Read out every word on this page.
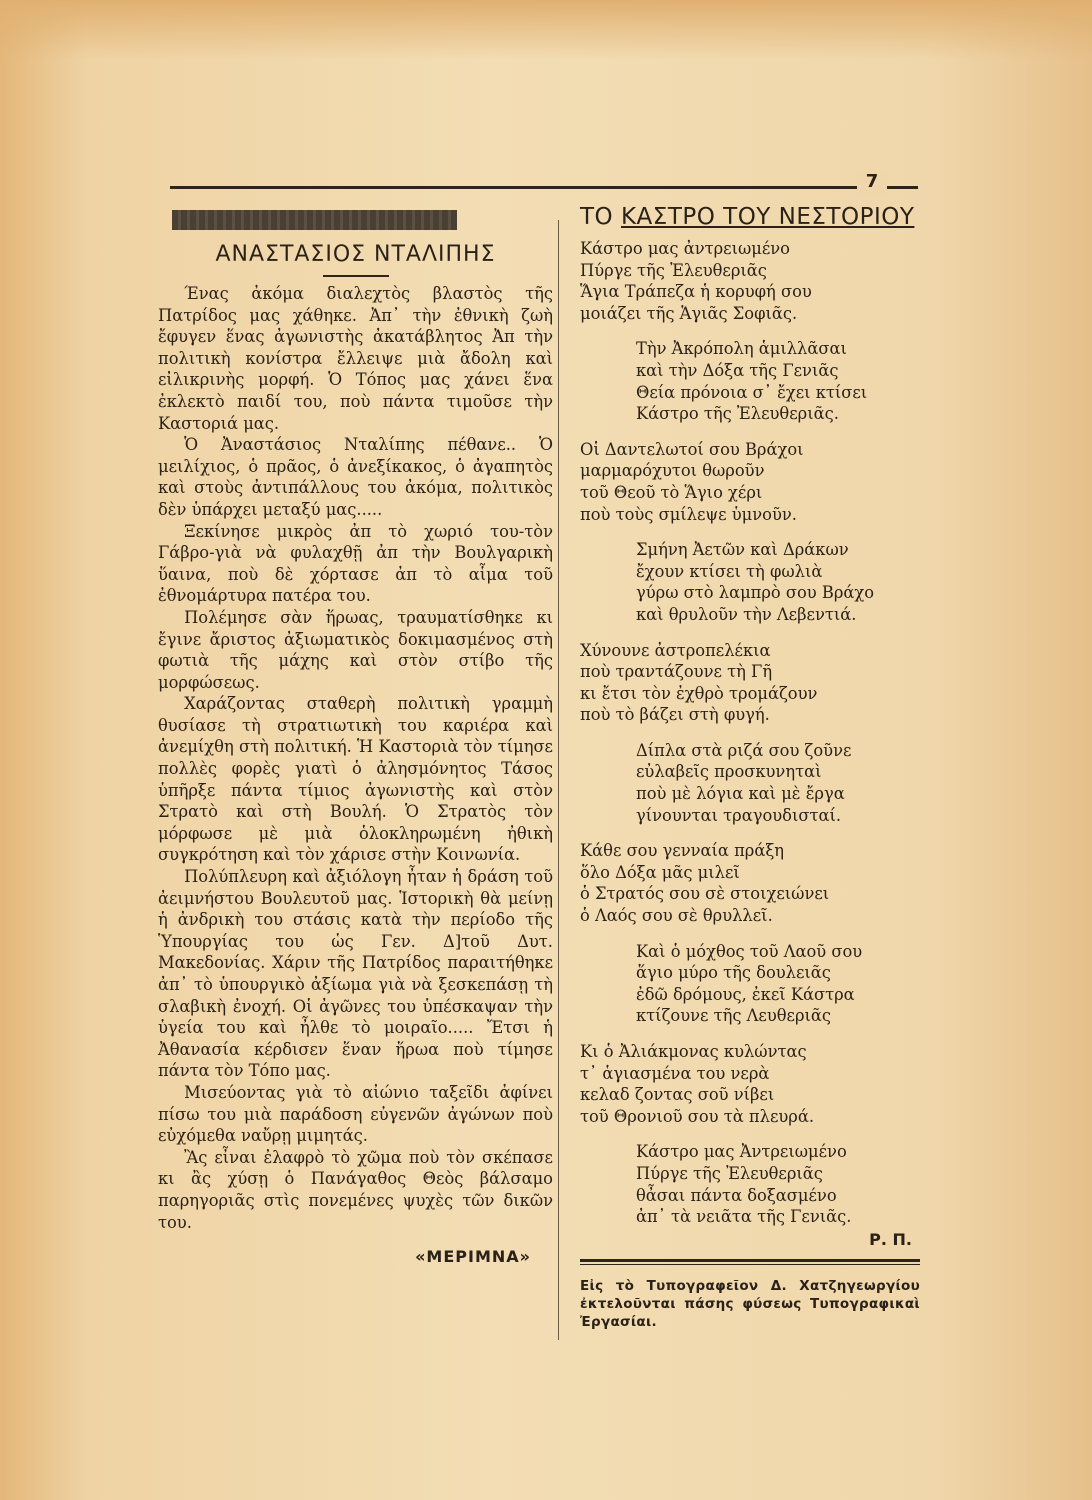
7
ΑΝΑΣΤΑΣΙΟΣ ΝΤΑΛΙΠΗΣ

Ένας ἀκόμα διαλεχτὸς βλαστὸς τῆς Πατρίδος μας χάθηκε. Ἀπ᾽ τὴν ἐθνικὴ ζωὴ ἔφυγεν ἕνας ἀγωνιστὴς ἀκατάβλητος Ἀπ τὴν πολιτικὴ κονίστρα ἔλλειψε μιὰ ἄδολη καὶ εἰλικρινὴς μορφή. Ὁ Τόπος μας χάνει ἕνα ἐκλεκτὸ παιδί του, ποὺ πάντα τιμοῦσε τὴν Καστοριά μας.

Ὁ Ἀναστάσιος Νταλίπης πέθανε.. Ὁ μειλίχιος, ὁ πρᾶος, ὁ ἀνεξίκακος, ὁ ἀγαπητὸς καὶ στοὺς ἀντιπάλλους του ἀκόμα, πολιτικὸς δὲν ὑπάρχει μεταξύ μας.....

Ξεκίνησε μικρὸς ἀπ τὸ χωριό του-τὸν Γάβρο-γιὰ νὰ φυλαχθῇ ἀπ τὴν Βουλγαρικὴ ὕαινα, ποὺ δὲ χόρτασε ἀπ τὸ αἷμα τοῦ ἐθνομάρτυρα πατέρα του.

Πολέμησε σὰν ἥρωας, τραυματίσθηκε κι ἔγινε ἄριστος ἀξιωματικὸς δοκιμασμένος στὴ φωτιὰ τῆς μάχης καὶ στὸν στίβο τῆς μορφώσεως.

Χαράζοντας σταθερὴ πολιτικὴ γραμμὴ θυσίασε τὴ στρατιωτικὴ του καριέρα καὶ ἀνεμίχθη στὴ πολιτική. Ἡ Καστοριὰ τὸν τίμησε πολλὲς φορὲς γιατὶ ὁ ἀλησμόνητος Τάσος ὑπῆρξε πάντα τίμιος ἀγωνιστὴς καὶ στὸν Στρατὸ καὶ στὴ Βουλή. Ὁ Στρατὸς τὸν μόρφωσε μὲ μιὰ ὁλοκληρωμένη ἠθικὴ συγκρότηση καὶ τὸν χάρισε στὴν Κοινωνία.

Πολύπλευρη καὶ ἀξιόλογη ἦταν ἡ δράση τοῦ ἀειμνήστου Βουλευτοῦ μας. Ἱστορικὴ θὰ μείνῃ ἡ ἀνδρικὴ του στάσις κατὰ τὴν περίοδο τῆς Ὑπουργίας του ὡς Γεν. Δ]τοῦ Δυτ. Μακεδονίας. Χάριν τῆς Πατρίδος παραιτήθηκε ἀπ᾽ τὸ ὑπουργικὸ ἀξίωμα γιὰ νὰ ξεσκεπάσῃ τὴ σλαβικὴ ἐνοχή. Οἱ ἀγῶνες του ὑπέσκαψαν τὴν ὑγεία του καὶ ἦλθε τὸ μοιραῖο..... Ἔτσι ἡ Ἀθανασία κέρδισεν ἕναν ἥρωα ποὺ τίμησε πάντα τὸν Τόπο μας.

Μισεύοντας γιὰ τὸ αἰώνιο ταξεῖδι ἀφίνει πίσω του μιὰ παράδοση εὐγενῶν ἀγώνων ποὺ εὐχόμεθα ναὔρῃ μιμητάς.

Ἂς εἶναι ἐλαφρὸ τὸ χῶμα ποὺ τὸν σκέπασε κι ἂς χύσῃ ὁ Πανάγαθος Θεὸς βάλσαμο παρηγοριᾶς στὶς πονεμένες ψυχὲς τῶν δικῶν του.

«ΜΕΡΙΜΝΑ»
ΤΟ ΚΑΣΤΡΟ ΤΟΥ ΝΕΣΤΟΡΙΟΥ
Κάστρο μας ἀντρειωμένο
Πύργε τῆς Ἐλευθεριᾶς
Ἅγια Τράπεζα ἡ κορυφή σου
μοιάζει τῆς Ἁγιᾶς Σοφιᾶς.
Τὴν Ἀκρόπολη ἁμιλλᾶσαι
καὶ τὴν Δόξα τῆς Γενιᾶς
Θεία πρόνοια σ᾽ ἔχει κτίσει
Κάστρο τῆς Ἐλευθεριᾶς.
Οἱ Δαντελωτοί σου Βράχοι
μαρμαρόχυτοι θωροῦν
τοῦ Θεοῦ τὸ Ἅγιο χέρι
ποὺ τοὺς σμίλεψε ὑμνοῦν.
Σμήνη Ἀετῶν καὶ Δράκων
ἔχουν κτίσει τὴ φωλιὰ
γύρω στὸ λαμπρὸ σου Βράχο
καὶ θρυλοῦν τὴν Λεβεντιά.
Χύνουνε ἀστροπελέκια
ποὺ τραντάζουνε τὴ Γῆ
κι ἔτσι τὸν ἐχθρὸ τρομάζουν
ποὺ τὸ βάζει στὴ φυγή.
Δίπλα στὰ ριζά σου ζοῦνε
εὐλαβεῖς προσκυνηταὶ
ποὺ μὲ λόγια καὶ μὲ ἔργα
γίνουνται τραγουδισταί.
Κάθε σου γενναία πράξη
ὅλο Δόξα μᾶς μιλεῖ
ὁ Στρατός σου σὲ στοιχειώνει
ὁ Λαός σου σὲ θρυλλεῖ.
Καὶ ὁ μόχθος τοῦ Λαοῦ σου
ἅγιο μύρο τῆς δουλειᾶς
ἐδῶ δρόμους, ἐκεῖ Κάστρα
κτίζουνε τῆς Λευθεριᾶς
Κι ὁ Ἀλιάκμονας κυλώντας
τ᾽ ἁγιασμένα του νερὰ
κελαδ ζοντας σοῦ νίβει
τοῦ Θρονιοῦ σου τὰ πλευρά.
Κάστρο μας Ἀντρειωμένο
Πύργε τῆς Ἐλευθεριᾶς
θἆσαι πάντα δοξασμένο
ἀπ᾽ τὰ νειᾶτα τῆς Γενιᾶς.
Ρ. Π.
Εἰς τὸ Τυπογραφεῖον Δ. Χατζηγεωργίου ἐκτελοῦνται πάσης φύσεως Τυπογραφικαὶ Ἐργασίαι.
